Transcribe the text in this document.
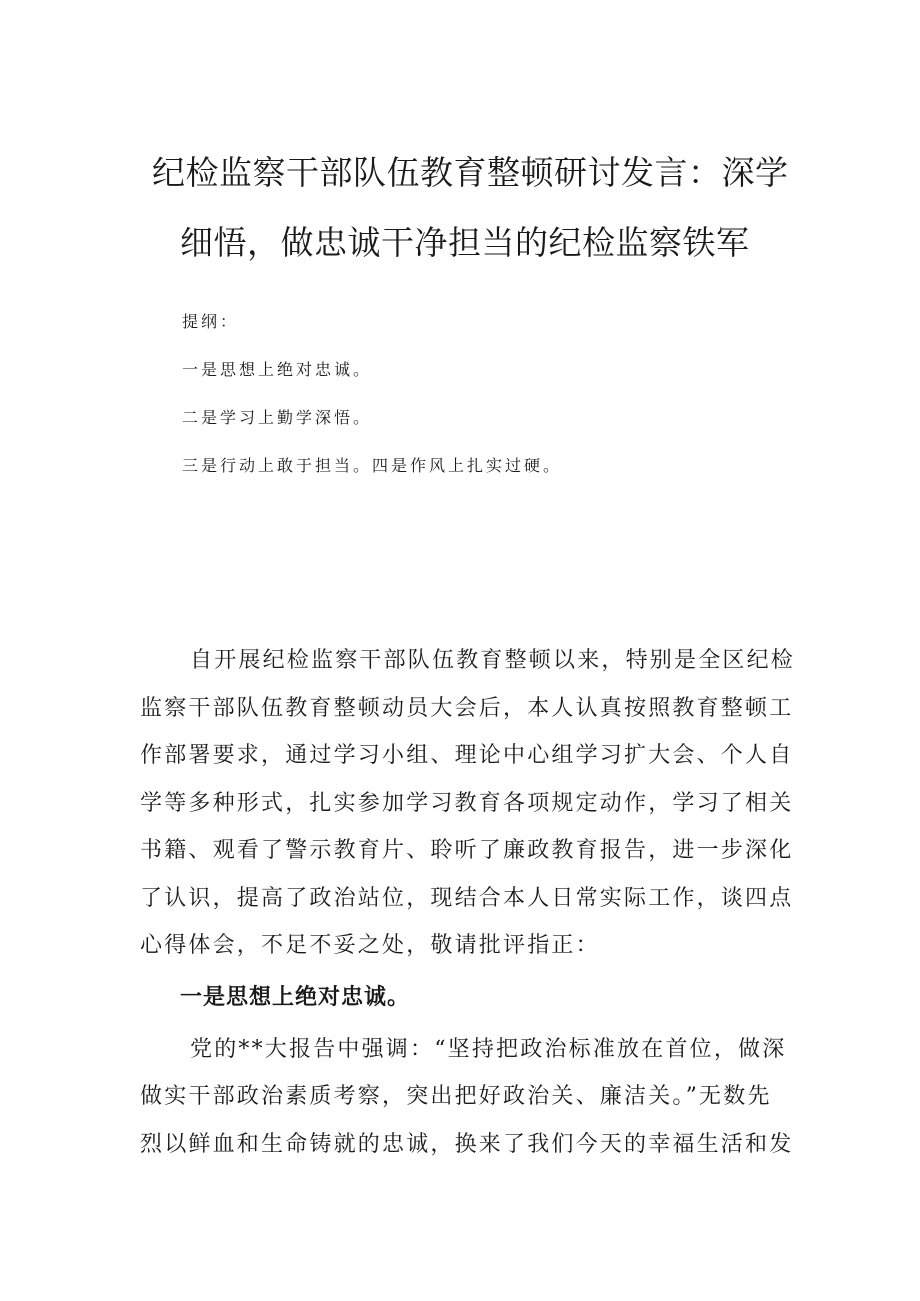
纪检监察干部队伍教育整顿研讨发言：深学
细悟，做忠诚干净担当的纪检监察铁军
提纲：
一是思想上绝对忠诚。
二是学习上勤学深悟。
三是行动上敢于担当。四是作风上扎实过硬。
自开展纪检监察干部队伍教育整顿以来，特别是全区纪检
监察干部队伍教育整顿动员大会后，本人认真按照教育整顿工
作部署要求，通过学习小组、理论中心组学习扩大会、个人自
学等多种形式，扎实参加学习教育各项规定动作，学习了相关
书籍、观看了警示教育片、聆听了廉政教育报告，进一步深化
了认识，提高了政治站位，现结合本人日常实际工作，谈四点
心得体会，不足不妥之处，敬请批评指正：
一是思想上绝对忠诚。
党的**大报告中强调：“坚持把政治标准放在首位，做深
做实干部政治素质考察，突出把好政治关、廉洁关。”无数先
烈以鲜血和生命铸就的忠诚，换来了我们今天的幸福生活和发
